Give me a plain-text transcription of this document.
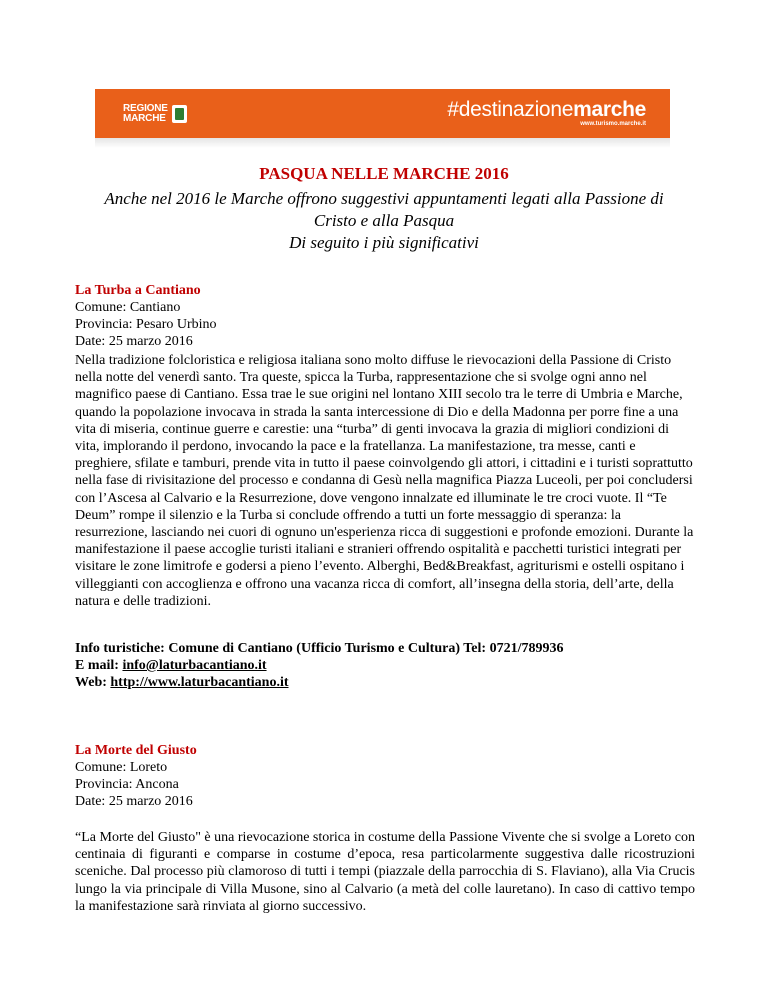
REGIONE
MARCHE	#destinazionemarche
www.turismo.marche.it
PASQUA NELLE MARCHE 2016
Anche nel 2016 le Marche offrono suggestivi appuntamenti legati alla Passione di
Cristo e alla Pasqua
Di seguito i più significativi
La Turba a Cantiano
Comune: Cantiano
Provincia: Pesaro Urbino
Date: 25 marzo 2016

Nella tradizione folcloristica e religiosa italiana sono molto diffuse le rievocazioni della Passione di Cristo nella notte del venerdì santo. Tra queste, spicca la Turba, rappresentazione che si svolge ogni anno nel magnifico paese di Cantiano. Essa trae le sue origini nel lontano XIII secolo tra le terre di Umbria e Marche, quando la popolazione invocava in strada la santa intercessione di Dio e della Madonna per porre fine a una vita di miseria, continue guerre e carestie: una “turba” di genti invocava la grazia di migliori condizioni di vita, implorando il perdono, invocando la pace e la fratellanza. La manifestazione, tra messe, canti e preghiere, sfilate e tamburi, prende vita in tutto il paese coinvolgendo gli attori, i cittadini e i turisti soprattutto nella fase di rivisitazione del processo e condanna di Gesù nella magnifica Piazza Luceoli, per poi concludersi con l’Ascesa al Calvario e la Resurrezione, dove vengono innalzate ed illuminate le tre croci vuote. Il “Te Deum” rompe il silenzio e la Turba si conclude offrendo a tutti un forte messaggio di speranza: la resurrezione, lasciando nei cuori di ognuno un'esperienza ricca di suggestioni e profonde emozioni. Durante la manifestazione il paese accoglie turisti italiani e stranieri offrendo ospitalità e pacchetti turistici integrati per visitare le zone limitrofe e godersi a pieno l’evento. Alberghi, Bed&Breakfast, agriturismi e ostelli ospitano i villeggianti con accoglienza e offrono una vacanza ricca di comfort, all’insegna della storia, dell’arte, della natura e delle tradizioni.

Info turistiche: Comune di Cantiano (Ufficio Turismo e Cultura) Tel: 0721/789936
E mail: info@laturbacantiano.it
Web: http://www.laturbacantiano.it
La Morte del Giusto
Comune: Loreto
Provincia: Ancona
Date: 25 marzo 2016

“La Morte del Giusto" è una rievocazione storica in costume della Passione Vivente che si svolge a Loreto con centinaia di figuranti e comparse in costume d’epoca, resa particolarmente suggestiva dalle ricostruzioni sceniche. Dal processo più clamoroso di tutti i tempi (piazzale della parrocchia di S. Flaviano), alla Via Crucis lungo la via principale di Villa Musone, sino al Calvario (a metà del colle lauretano). In caso di cattivo tempo la manifestazione sarà rinviata al giorno successivo.
